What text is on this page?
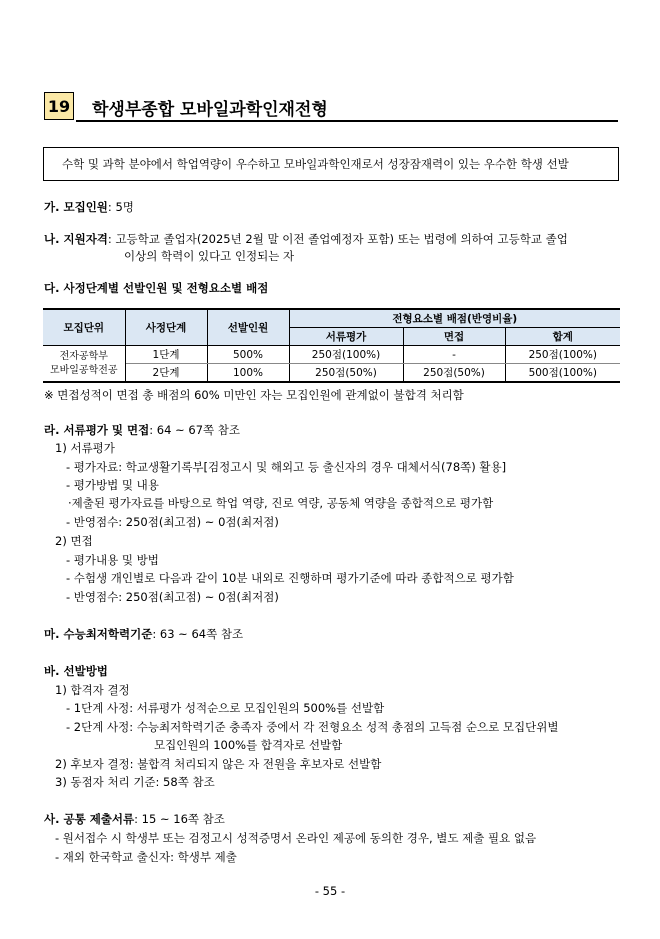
19 학생부종합 모바일과학인재전형
수학 및 과학 분야에서 학업역량이 우수하고 모바일과학인재로서 성장잠재력이 있는 우수한 학생 선발
가. 모집인원: 5명
나. 지원자격: 고등학교 졸업자(2025년 2월 말 이전 졸업예정자 포함) 또는 법령에 의하여 고등학교 졸업
이상의 학력이 있다고 인정되는 자
다. 사정단계별 선발인원 및 전형요소별 배점
모집단위	사정단계	선발인원	전형요소별 배점(반영비율)		
			서류평가	면접	합계

전자공학부
모바일공학전공	1단계	500%	250점(100%)	-	250점(100%)
	2단계	100%	250점(50%)	250점(50%)	500점(100%)
※ 면접성적이 면접 총 배점의 60% 미만인 자는 모집인원에 관계없이 불합격 처리함
라. 서류평가 및 면접: 64 ~ 67쪽 참조
1) 서류평가
- 평가자료: 학교생활기록부[검정고시 및 해외고 등 출신자의 경우 대체서식(78쪽) 활용]
- 평가방법 및 내용
·제출된 평가자료를 바탕으로 학업 역량, 진로 역량, 공동체 역량을 종합적으로 평가함
- 반영점수: 250점(최고점) ~ 0점(최저점)
2) 면접
- 평가내용 및 방법
- 수험생 개인별로 다음과 같이 10분 내외로 진행하며 평가기준에 따라 종합적으로 평가함
- 반영점수: 250점(최고점) ~ 0점(최저점)
마. 수능최저학력기준: 63 ~ 64쪽 참조
바. 선발방법
1) 합격자 결정
- 1단계 사정: 서류평가 성적순으로 모집인원의 500%를 선발함
- 2단계 사정: 수능최저학력기준 충족자 중에서 각 전형요소 성적 총점의 고득점 순으로 모집단위별
모집인원의 100%를 합격자로 선발함
2) 후보자 결정: 불합격 처리되지 않은 자 전원을 후보자로 선발함
3) 동점자 처리 기준: 58쪽 참조
사. 공통 제출서류: 15 ~ 16쪽 참조
- 원서접수 시 학생부 또는 검정고시 성적증명서 온라인 제공에 동의한 경우, 별도 제출 필요 없음
- 재외 한국학교 출신자: 학생부 제출
- 55 -
